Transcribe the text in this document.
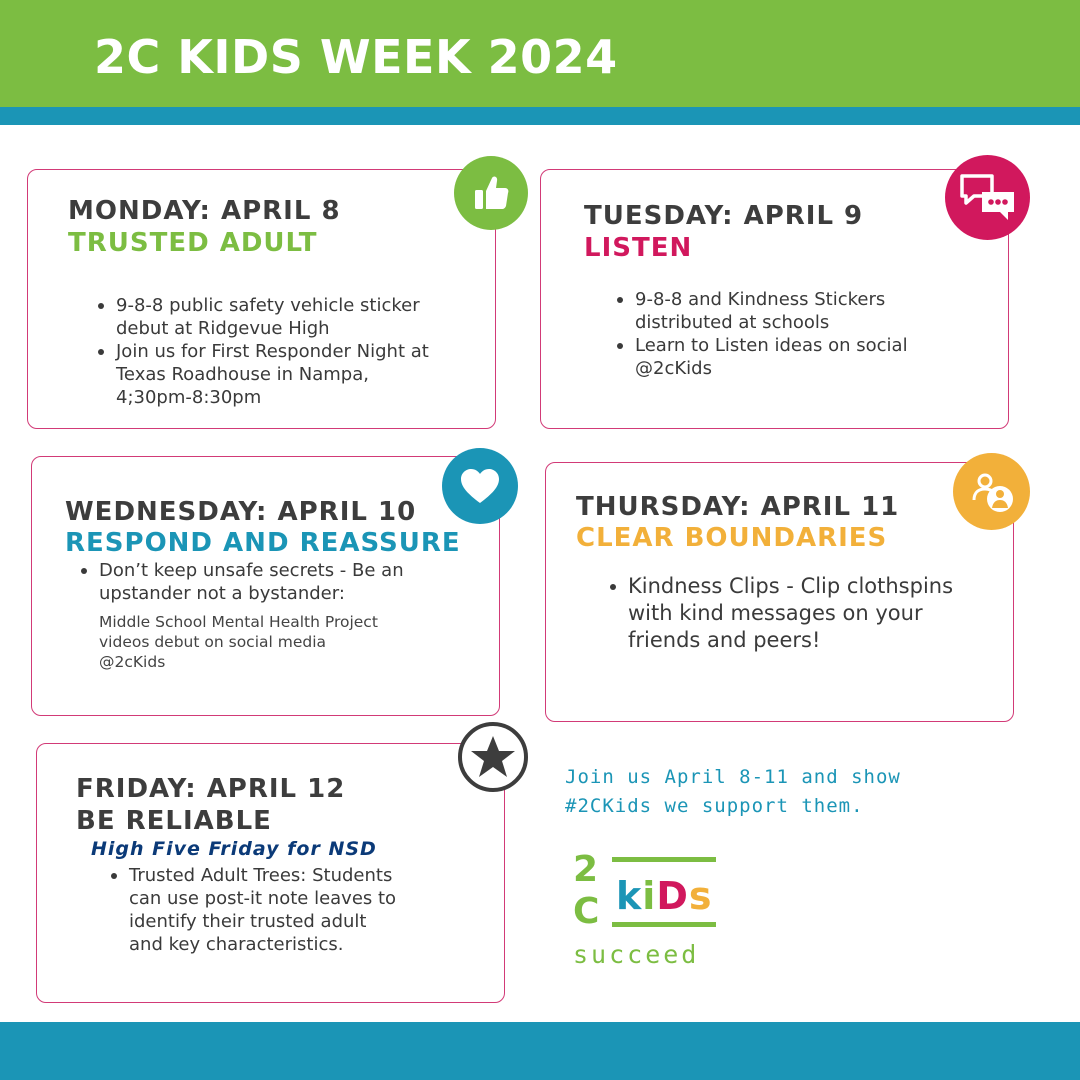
2C KIDS WEEK 2024
MONDAY: APRIL 8
TRUSTED ADULT
9-8-8 public safety vehicle sticker debut at Ridgevue High
Join us for First Responder Night at Texas Roadhouse in Nampa, 4;30pm-8:30pm
TUESDAY: APRIL 9
LISTEN
9-8-8 and Kindness Stickers distributed at schools
Learn to Listen ideas on social @2cKids
WEDNESDAY: APRIL 10
RESPOND AND REASSURE
Don’t keep unsafe secrets - Be an upstander not a bystander:

Middle School Mental Health Project
videos debut on social media
@2cKids

THURSDAY: APRIL 11
CLEAR BOUNDARIES
Kindness Clips - Clip clothspins with kind messages on your friends and peers!
FRIDAY: APRIL 12
BE RELIABLE

High Five Friday for NSD

Trusted Adult Trees: Students can use post-it note leaves to identify their trusted adult and key characteristics.

Join us April 8-11 and show
#2CKids we support them.

2
C kiDs
succeed
